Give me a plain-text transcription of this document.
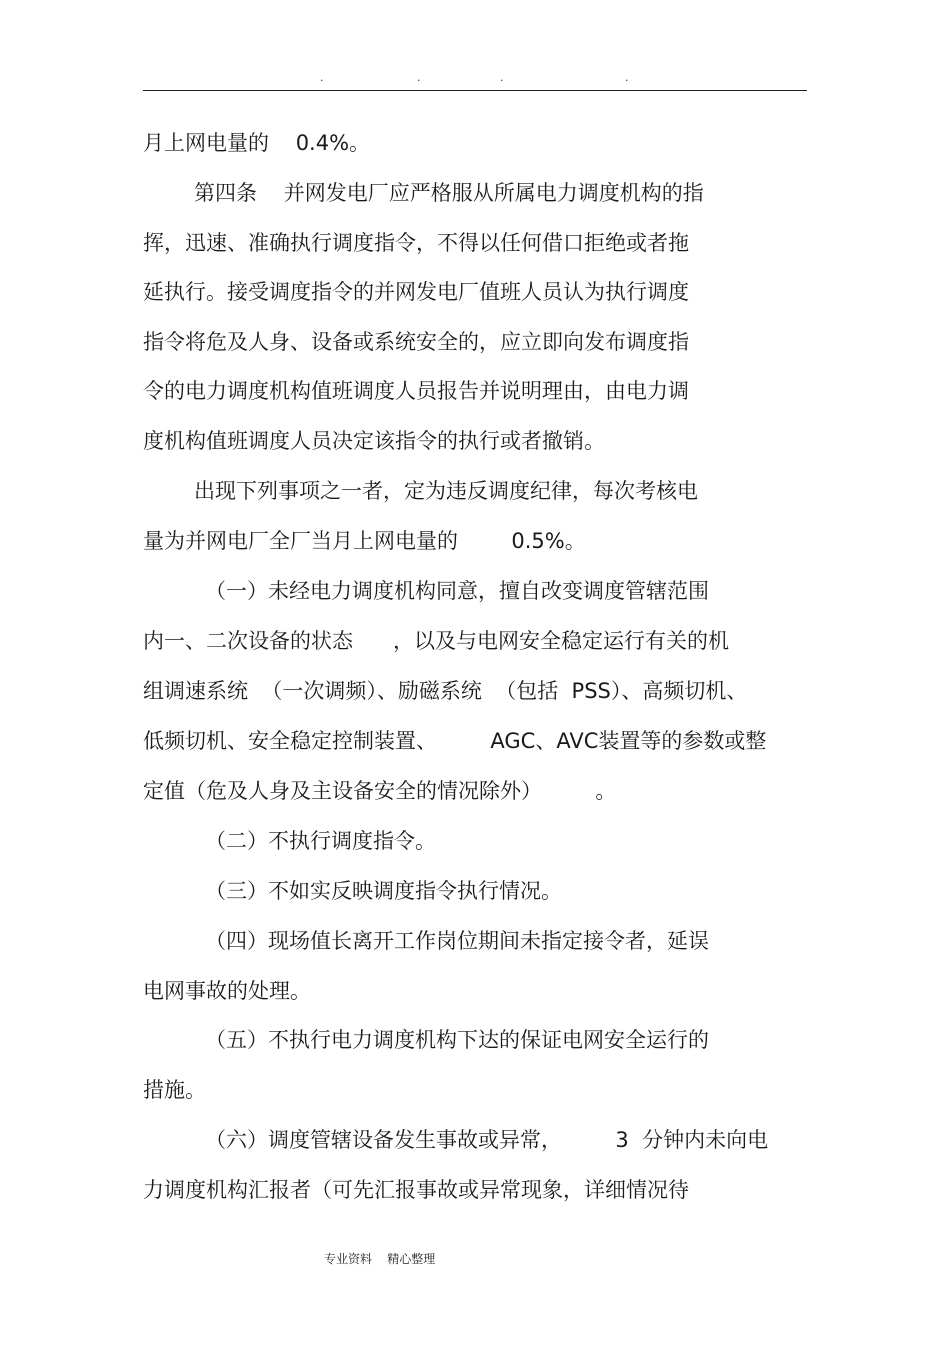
.	.	.	.
月上网电量的    0.4%。
第四条    并网发电厂应严格服从所属电力调度机构的指
挥，迅速、准确执行调度指令，不得以任何借口拒绝或者拖
延执行。接受调度指令的并网发电厂值班人员认为执行调度
指令将危及人身、设备或系统安全的，应立即向发布调度指
令的电力调度机构值班调度人员报告并说明理由，由电力调
度机构值班调度人员决定该指令的执行或者撤销。
出现下列事项之一者，定为违反调度纪律，每次考核电
量为并网电厂全厂当月上网电量的        0.5%。
（一）未经电力调度机构同意，擅自改变调度管辖范围
内一、二次设备的状态      ，以及与电网安全稳定运行有关的机
组调速系统  （一次调频）、励磁系统  （包括  PSS）、高频切机、
低频切机、安全稳定控制装置、        AGC、AVC装置等的参数或整
定值（危及人身及主设备安全的情况除外）        。
（二）不执行调度指令。
（三）不如实反映调度指令执行情况。
（四）现场值长离开工作岗位期间未指定接令者，延误
电网事故的处理。
（五）不执行电力调度机构下达的保证电网安全运行的
措施。
（六）调度管辖设备发生事故或异常，        3  分钟内未向电
力调度机构汇报者（可先汇报事故或异常现象，详细情况待
专业资料    精心整理
